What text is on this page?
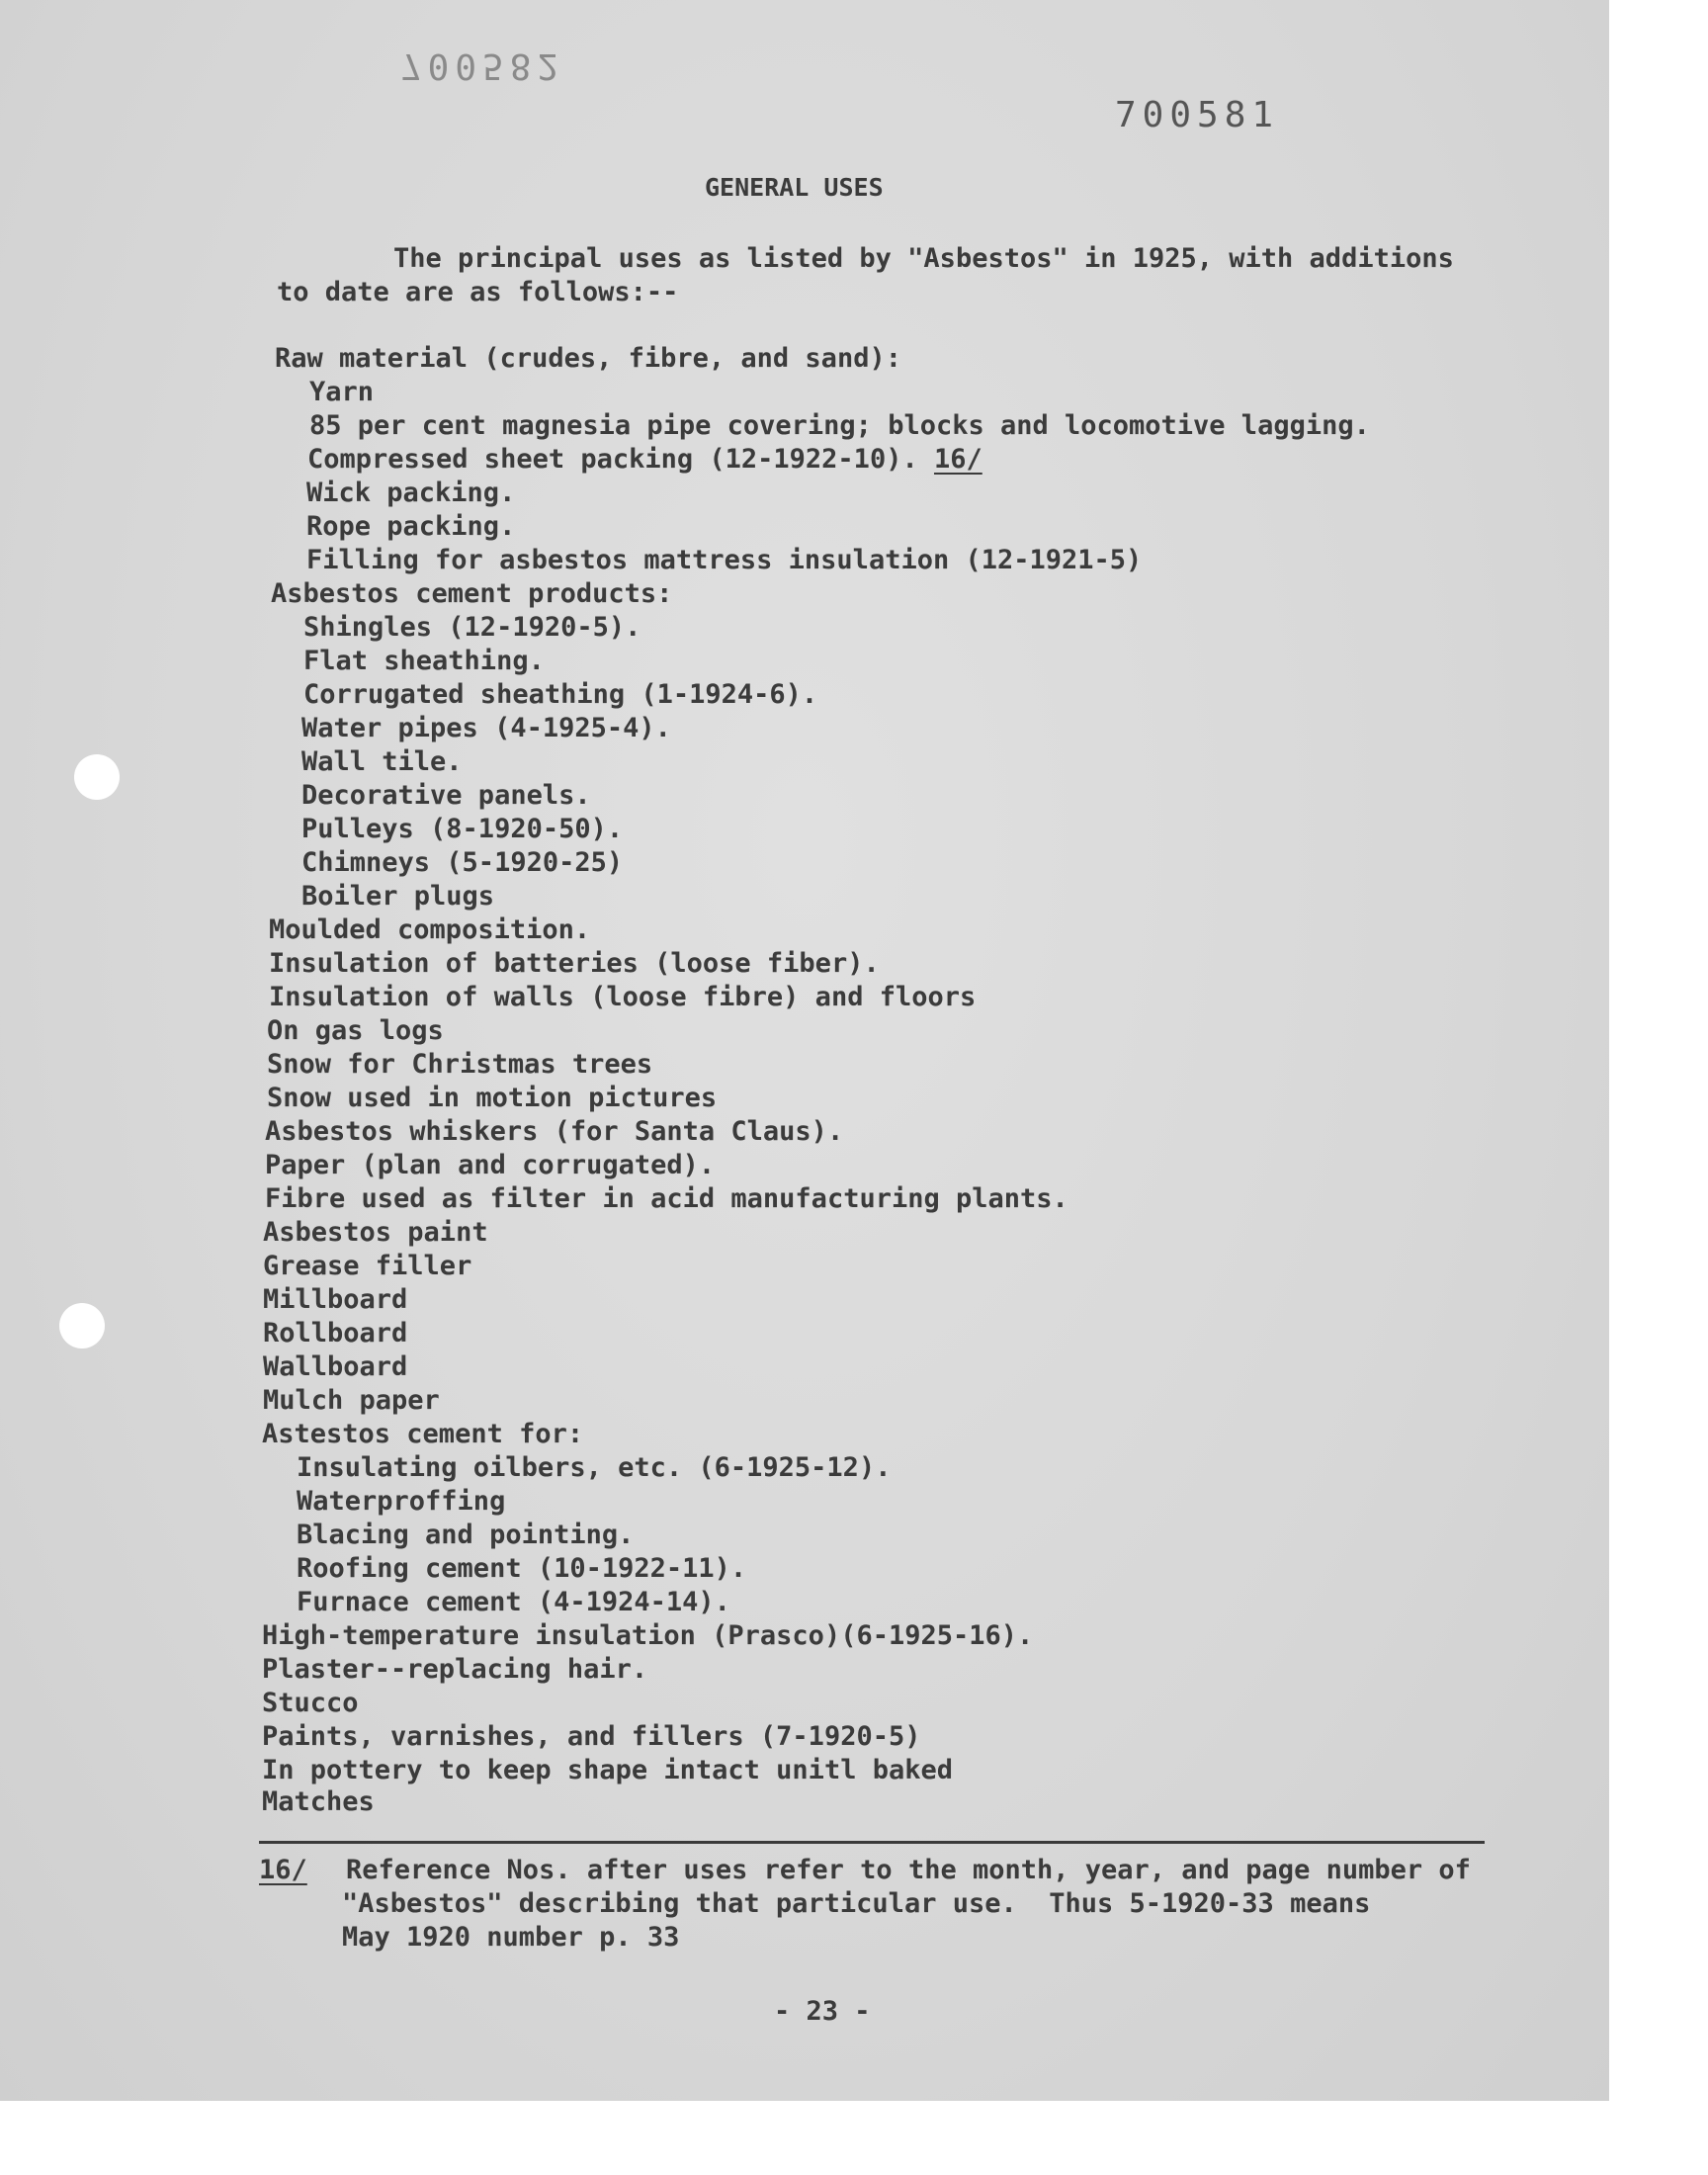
700582
700581
GENERAL USES
The principal uses as listed by "Asbestos" in 1925, with additions
to date are as follows:--
Raw material (crudes, fibre, and sand):
Yarn
85 per cent magnesia pipe covering; blocks and locomotive lagging.
Compressed sheet packing (12-1922-10). 16/
Wick packing.
Rope packing.
Filling for asbestos mattress insulation (12-1921-5)
Asbestos cement products:
Shingles (12-1920-5).
Flat sheathing.
Corrugated sheathing (1-1924-6).
Water pipes (4-1925-4).
Wall tile.
Decorative panels.
Pulleys (8-1920-50).
Chimneys (5-1920-25)
Boiler plugs
Moulded composition.
Insulation of batteries (loose fiber).
Insulation of walls (loose fibre) and floors
On gas logs
Snow for Christmas trees
Snow used in motion pictures
Asbestos whiskers (for Santa Claus).
Paper (plan and corrugated).
Fibre used as filter in acid manufacturing plants.
Asbestos paint
Grease filler
Millboard
Rollboard
Wallboard
Mulch paper
Astestos cement for:
Insulating oilbers, etc. (6-1925-12).
Waterproffing
Blacing and pointing.
Roofing cement (10-1922-11).
Furnace cement (4-1924-14).
High-temperature insulation (Prasco)(6-1925-16).
Plaster--replacing hair.
Stucco
Paints, varnishes, and fillers (7-1920-5)
In pottery to keep shape intact unitl baked
Matches
16/ Reference Nos. after uses refer to the month, year, and page number of
"Asbestos" describing that particular use.  Thus 5-1920-33 means
May 1920 number p. 33
- 23 -
